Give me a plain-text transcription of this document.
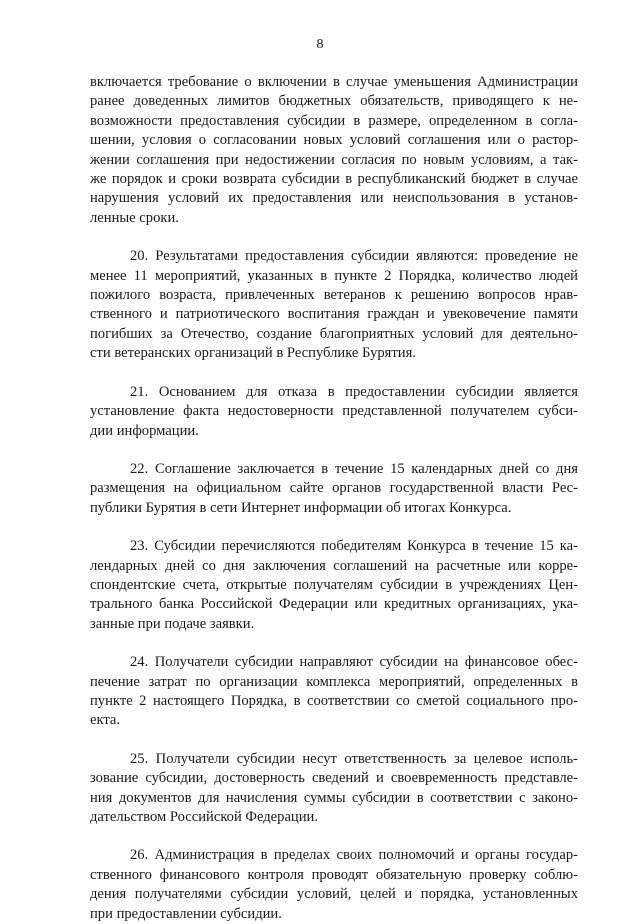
8

включается требование о включении в случае уменьшения Администрации
ранее доведенных лимитов бюджетных обязательств, приводящего к не-
возможности предоставления субсидии в размере, определенном в согла-
шении, условия о согласовании новых условий соглашения или о растор-
жении соглашения при недостижении согласия по новым условиям, а так-
же порядок и сроки возврата субсидии в республиканский бюджет в случае
нарушения условий их предоставления или неиспользования в установ-
ленные сроки.

20. Результатами предоставления субсидии являются: проведение не
менее 11 мероприятий, указанных в пункте 2 Порядка, количество людей
пожилого возраста, привлеченных ветеранов к решению вопросов нрав-
ственного и патриотического воспитания граждан и увековечение памяти
погибших за Отечество, создание благоприятных условий для деятельно-
сти ветеранских организаций в Республике Бурятия.

21. Основанием для отказа в предоставлении субсидии является
установление факта недостоверности представленной получателем субси-
дии информации.

22. Соглашение заключается в течение 15 календарных дней со дня
размещения на официальном сайте органов государственной власти Рес-
публики Бурятия в сети Интернет информации об итогах Конкурса.

23. Субсидии перечисляются победителям Конкурса в течение 15 ка-
лендарных дней со дня заключения соглашений на расчетные или корре-
спондентские счета, открытые получателям субсидии в учреждениях Цен-
трального банка Российской Федерации или кредитных организациях, ука-
занные при подаче заявки.

24. Получатели субсидии направляют субсидии на финансовое обес-
печение затрат по организации комплекса мероприятий, определенных в
пункте 2 настоящего Порядка, в соответствии со сметой социального про-
екта.

25. Получатели субсидии несут ответственность за целевое исполь-
зование субсидии, достоверность сведений и своевременность представле-
ния документов для начисления суммы субсидии в соответствии с законо-
дательством Российской Федерации.

26. Администрация в пределах своих полномочий и органы государ-
ственного финансового контроля проводят обязательную проверку соблю-
дения получателями субсидии условий, целей и порядка, установленных
при предоставлении субсидии.
